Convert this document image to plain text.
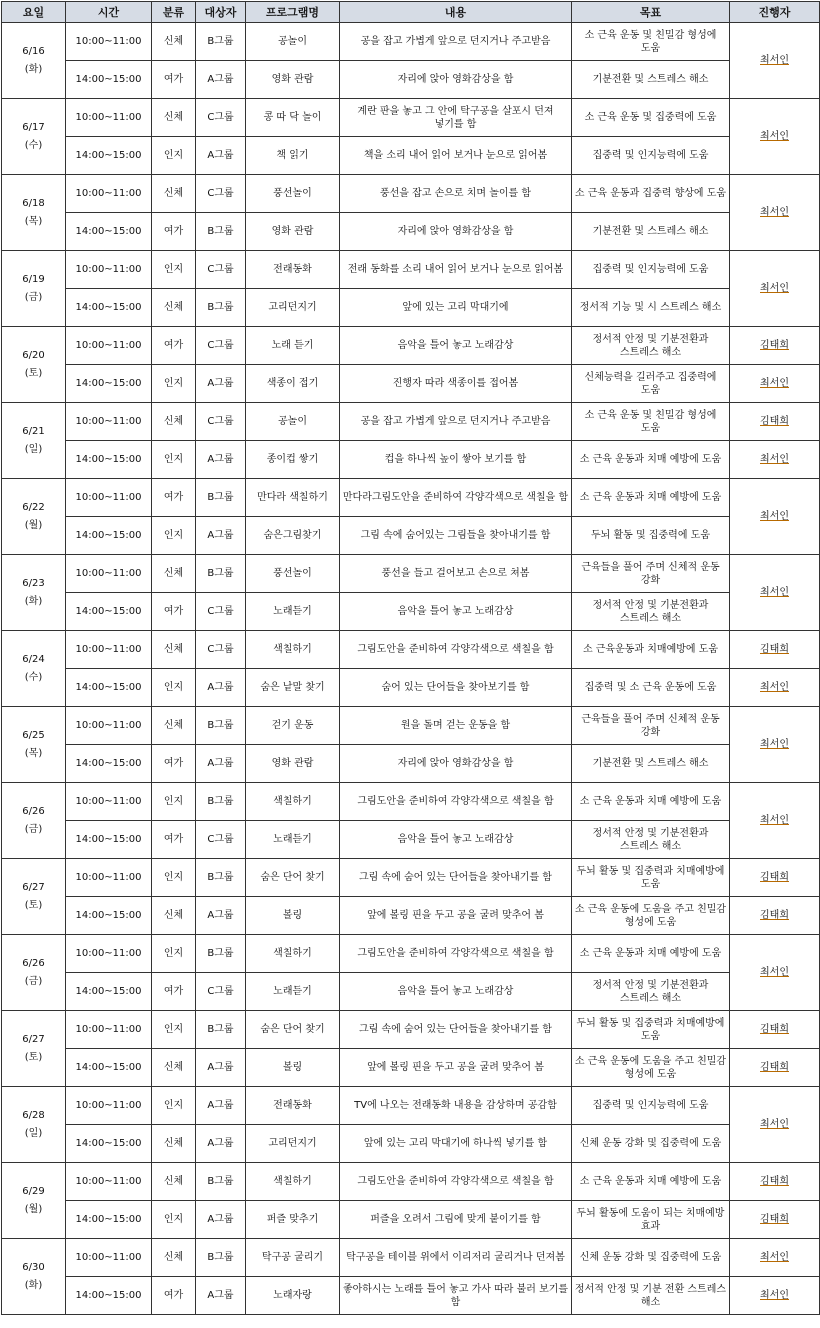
요일	시간	분류	대상자	프로그램명	내용	목표	진행자

6/16
(화)	10:00~11:00	신체	B그룹	공놀이	공을 잡고 가볍게 앞으로 던지거나 주고받음	소 근육 운동 및 친밀감 형성에 도움	최서인
	14:00~15:00	여가	A그룹	영화 관람	자리에 앉아 영화감상을 함	기분전환 및 스트레스 해소	

6/17
(수)	10:00~11:00	신체	C그룹	콩 따 닥 놀이	계란 판을 놓고 그 안에 탁구공을 살포시 던져 넣기를 함	소 근육 운동 및 집중력에 도움	최서인
	14:00~15:00	인지	A그룹	책 읽기	책을 소리 내어 읽어 보거나 눈으로 읽어봄	집중력 및 인지능력에 도움	

6/18
(목)	10:00~11:00	신체	C그룹	풍선놀이	풍선을 잡고 손으로 치며 놀이를 함	소 근육 운동과 집중력 향상에 도움	최서인
	14:00~15:00	여가	B그룹	영화 관람	자리에 앉아 영화감상을 함	기분전환 및 스트레스 해소	

6/19
(금)	10:00~11:00	인지	C그룹	전래동화	전래 동화를 소리 내어 읽어 보거나 눈으로 읽어봄	집중력 및 인지능력에 도움	최서인
	14:00~15:00	신체	B그룹	고리던지기	앞에 있는 고리 막대기에	정서적 기능 및 시 스트레스 해소	

6/20
(토)	10:00~11:00	여가	C그룹	노래 듣기	음악을 틀어 놓고 노래감상	정서적 안정 및 기분전환과 스트레스 해소	김태희
	14:00~15:00	인지	A그룹	색종이 접기	진행자 따라 색종이를 접어봄	신체능력을 길러주고 집중력에 도움	최서인

6/21
(일)	10:00~11:00	신체	C그룹	공놀이	공을 잡고 가볍게 앞으로 던지거나 주고받음	소 근육 운동 및 친밀감 형성에 도움	김태희
	14:00~15:00	인지	A그룹	종이컵 쌓기	컵을 하나씩 높이 쌓아 보기를 함	소 근육 운동과 치매 예방에 도움	최서인

6/22
(월)	10:00~11:00	여가	B그룹	만다라 색칠하기	만다라그림도안을 준비하여 각양각색으로 색칠을 함	소 근육 운동과 치매 예방에 도움	최서인
	14:00~15:00	인지	A그룹	숨은그림찾기	그림 속에 숨어있는 그림들을 찾아내기를 함	두뇌 활동 및 집중력에 도움	

6/23
(화)	10:00~11:00	신체	B그룹	풍선놀이	풍선을 들고 걸어보고 손으로 쳐봄	근육들을 풀어 주며 신체적 운동 강화	최서인
	14:00~15:00	여가	C그룹	노래듣기	음악을 틀어 놓고 노래감상	정서적 안정 및 기분전환과 스트레스 해소	

6/24
(수)	10:00~11:00	신체	C그룹	색칠하기	그림도안을 준비하여 각양각색으로 색칠을 함	소 근육운동과 치매예방에 도움	김태희
	14:00~15:00	인지	A그룹	숨은 낱말 찾기	숨어 있는 단어들을 찾아보기를 함	집중력 및 소 근육 운동에 도움	최서인

6/25
(목)	10:00~11:00	신체	B그룹	걷기 운동	원을 돌며 걷는 운동을 함	근육들을 풀어 주며 신체적 운동 강화	최서인
	14:00~15:00	여가	A그룹	영화 관람	자리에 앉아 영화감상을 함	기분전환 및 스트레스 해소	

6/26
(금)	10:00~11:00	인지	B그룹	색칠하기	그림도안을 준비하여 각양각색으로 색칠을 함	소 근육 운동과 치매 예방에 도움	최서인
	14:00~15:00	여가	C그룹	노래듣기	음악을 틀어 놓고 노래감상	정서적 안정 및 기분전환과 스트레스 해소	

6/27
(토)	10:00~11:00	인지	B그룹	숨은 단어 찾기	그림 속에 숨어 있는 단어들을 찾아내기를 함	두뇌 활동 및 집중력과 치매예방에 도움	김태희
	14:00~15:00	신체	A그룹	볼링	앞에 볼링 핀을 두고 공을 굴려 맞추어 봄	소 근육 운동에 도움을 주고 친밀감 형성에 도움	김태희

6/26
(금)	10:00~11:00	인지	B그룹	색칠하기	그림도안을 준비하여 각양각색으로 색칠을 함	소 근육 운동과 치매 예방에 도움	최서인
	14:00~15:00	여가	C그룹	노래듣기	음악을 틀어 놓고 노래감상	정서적 안정 및 기분전환과 스트레스 해소	

6/27
(토)	10:00~11:00	인지	B그룹	숨은 단어 찾기	그림 속에 숨어 있는 단어들을 찾아내기를 함	두뇌 활동 및 집중력과 치매예방에 도움	김태희
	14:00~15:00	신체	A그룹	볼링	앞에 볼링 핀을 두고 공을 굴려 맞추어 봄	소 근육 운동에 도움을 주고 친밀감 형성에 도움	김태희

6/28
(일)	10:00~11:00	인지	A그룹	전래동화	TV에 나오는 전래동화 내용을 감상하며 공감함	집중력 및 인지능력에 도움	최서인
	14:00~15:00	신체	A그룹	고리던지기	앞에 있는 고리 막대기에 하나씩 넣기를 함	신체 운동 강화 및 집중력에 도움	

6/29
(월)	10:00~11:00	신체	B그룹	색칠하기	그림도안을 준비하여 각양각색으로 색칠을 함	소 근육 운동과 치매 예방에 도움	김태희
	14:00~15:00	인지	A그룹	퍼즐 맞추기	퍼즐을 오려서 그림에 맞게 붙이기를 함	두뇌 활동에 도움이 되는 치매예방 효과	김태희

6/30
(화)	10:00~11:00	신체	B그룹	탁구공 굴리기	탁구공을 테이블 위에서 이리저리 굴리거나 던져봄	신체 운동 강화 및 집중력에 도움	최서인
	14:00~15:00	여가	A그룹	노래자랑	좋아하시는 노래를 틀어 놓고 가사 따라 불러 보기를 함	정서적 안정 및 기분 전환 스트레스 해소	최서인
